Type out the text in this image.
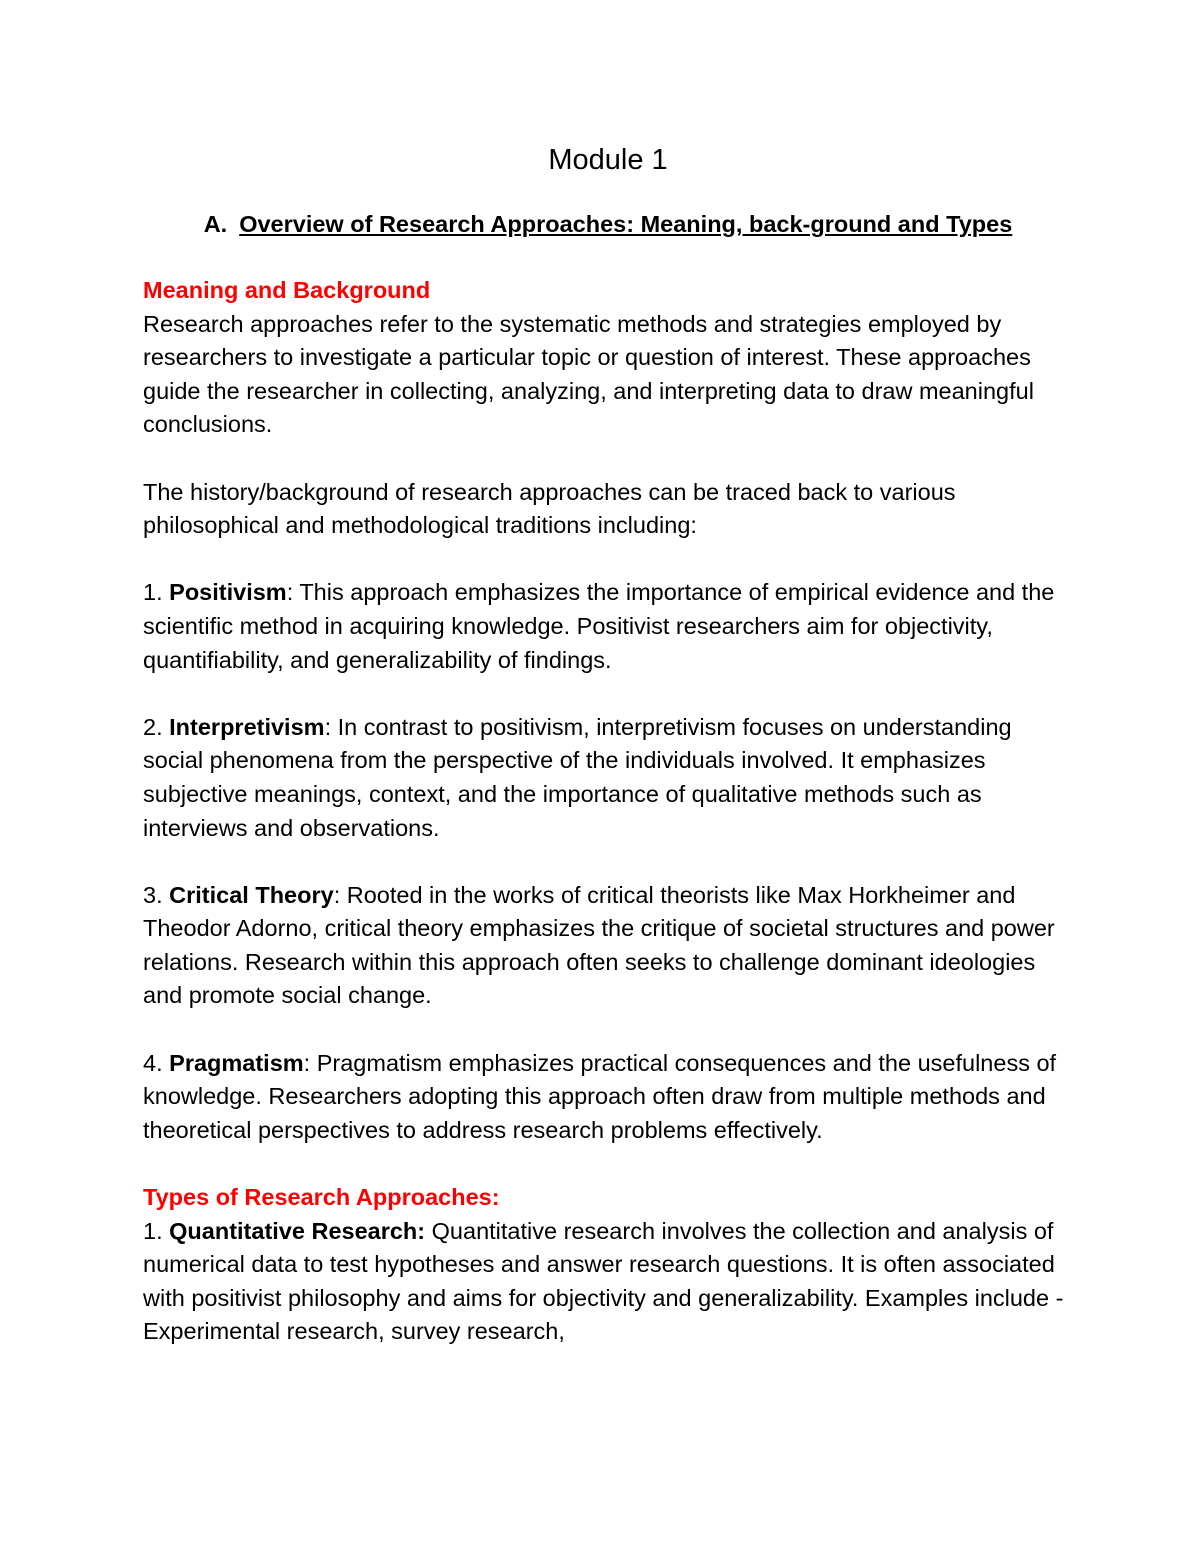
Module 1
A. Overview of Research Approaches: Meaning, back-ground and Types
Meaning and Background

Research approaches refer to the systematic methods and strategies employed by researchers to investigate a particular topic or question of interest. These approaches guide the researcher in collecting, analyzing, and interpreting data to draw meaningful conclusions.

The history/background of research approaches can be traced back to various philosophical and methodological traditions including:

1. Positivism: This approach emphasizes the importance of empirical evidence and the scientific method in acquiring knowledge. Positivist researchers aim for objectivity, quantifiability, and generalizability of findings.

2. Interpretivism: In contrast to positivism, interpretivism focuses on understanding social phenomena from the perspective of the individuals involved. It emphasizes subjective meanings, context, and the importance of qualitative methods such as interviews and observations.

3. Critical Theory: Rooted in the works of critical theorists like Max Horkheimer and Theodor Adorno, critical theory emphasizes the critique of societal structures and power relations. Research within this approach often seeks to challenge dominant ideologies and promote social change.

4. Pragmatism: Pragmatism emphasizes practical consequences and the usefulness of knowledge. Researchers adopting this approach often draw from multiple methods and theoretical perspectives to address research problems effectively.

Types of Research Approaches:

1. Quantitative Research: Quantitative research involves the collection and analysis of numerical data to test hypotheses and answer research questions. It is often associated with positivist philosophy and aims for objectivity and generalizability. Examples include - Experimental research, survey research,
